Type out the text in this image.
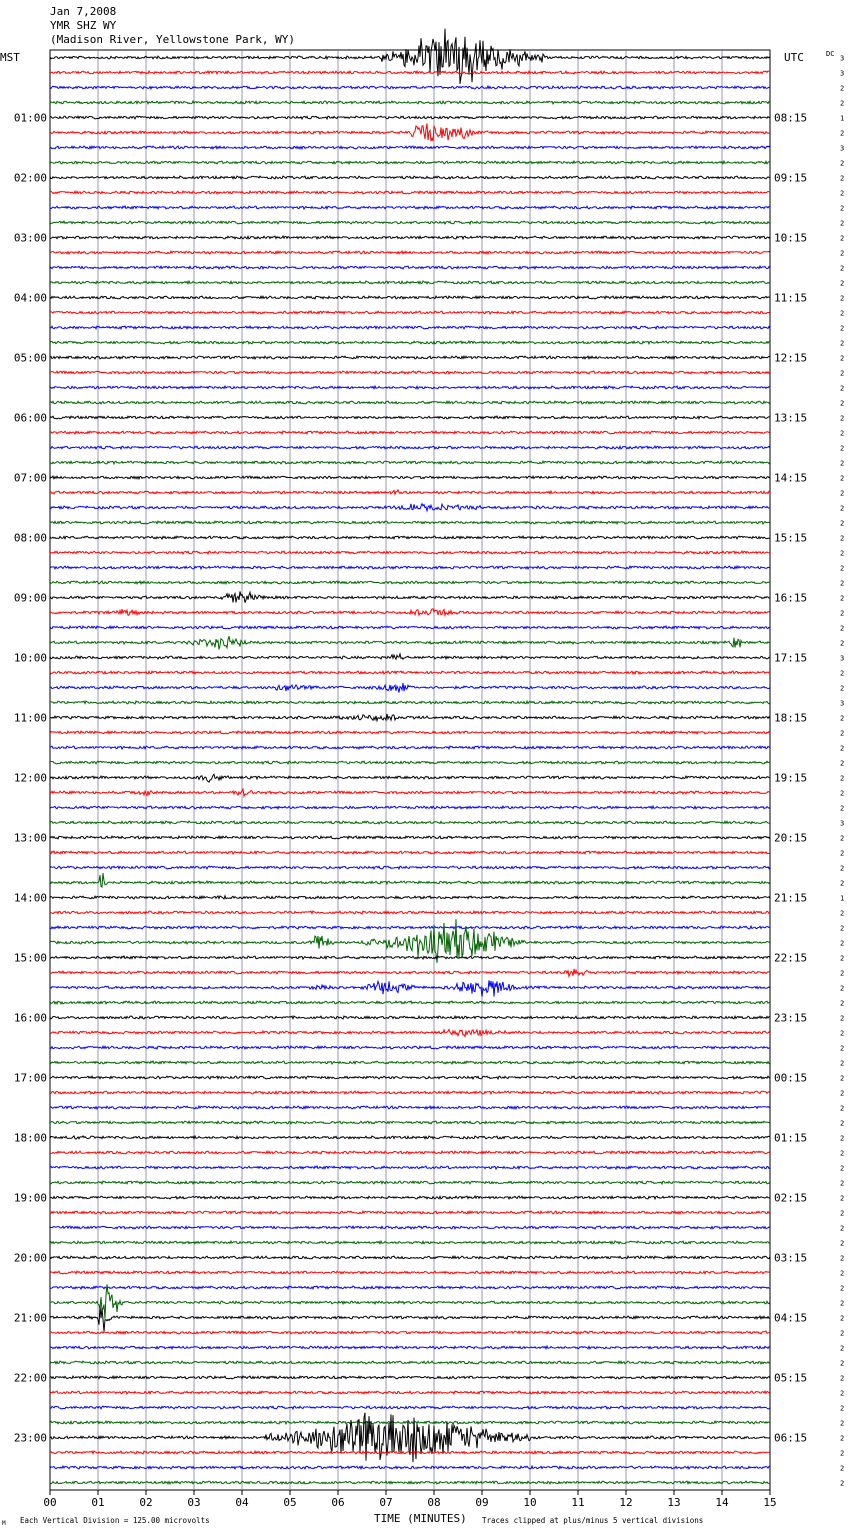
Jan 7,2008
YMR SHZ WY
(Madison River, Yellowstone Park, WY)
00	01	02	03	04	05	06	07	08	09	10	11	12	13	14	15
3
3
2
2
01:00	08:15	1
2
3
2
02:00	09:15	2
2
2
2
03:00	10:15	2
2
2
2
04:00	11:15	2
2
2
2
05:00	12:15	2
2
2
2
06:00	13:15	2
2
2
2
07:00	14:15	2
2
2
2
08:00	15:15	2
2
2
2
09:00	16:15	2
2
2
2
10:00	17:15	3
2
2
3
11:00	18:15	2
2
2
2
12:00	19:15	2
2
2
3
13:00	20:15	2
2
2
2
14:00	21:15	1
2
2
2
15:00	22:15	2
2
2
2
16:00	23:15	2
2
2
2
17:00	00:15	2
2
2
2
18:00	01:15	2
2
2
2
19:00	02:15	2
2
2
2
20:00	03:15	2
2
2
2
21:00	04:15	2
2
2
2
22:00	05:15	2
2
2
2
23:00	06:15	2
2
2
2
MST	UTC	DC
TIME (MINUTES)
Each Vertical Division = 125.00 microvolts	Traces clipped at plus/minus 5 vertical divisions
M
